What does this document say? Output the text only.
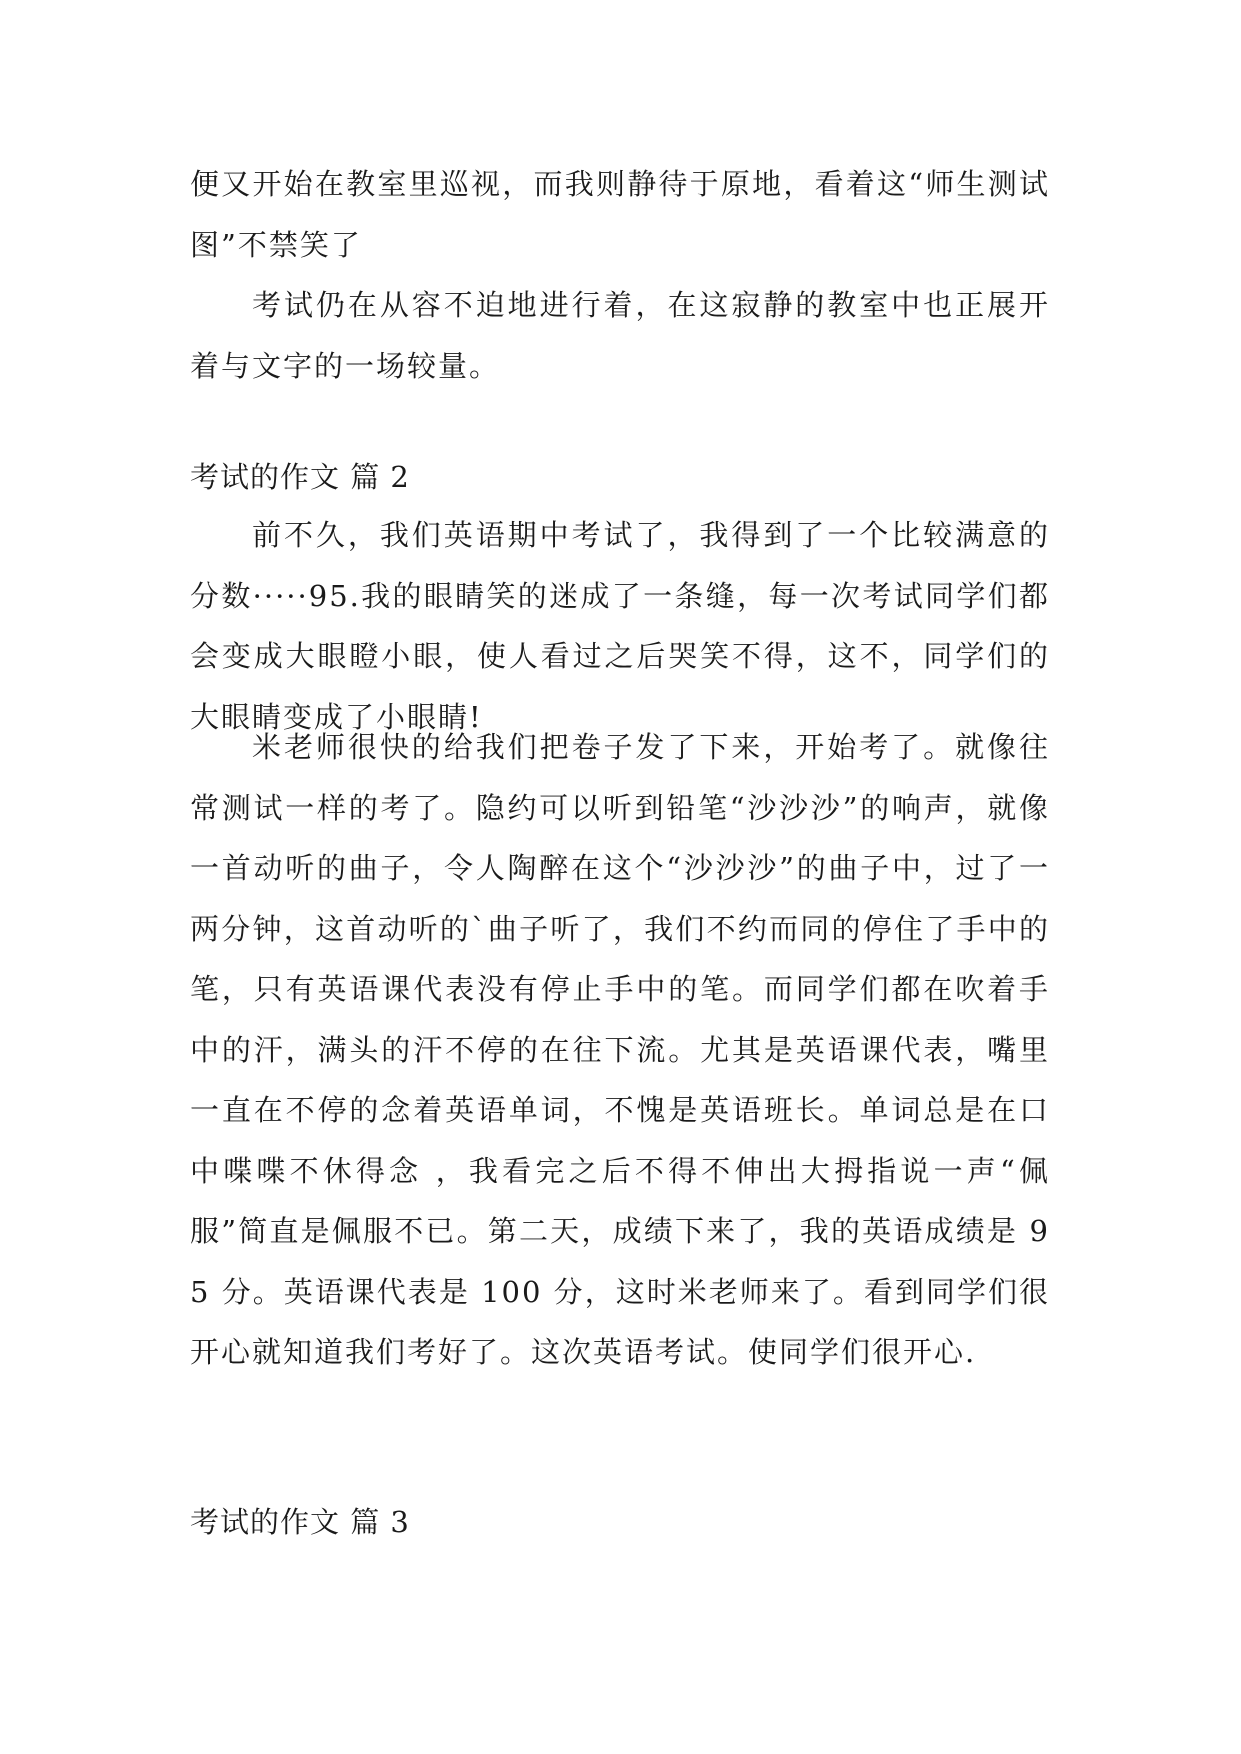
便又开始在教室里巡视，而我则静待于原地，看着这“师生测试图”不禁笑了
考试仍在从容不迫地进行着，在这寂静的教室中也正展开着与文字的一场较量。
考试的作文 篇 2
前不久，我们英语期中考试了，我得到了一个比较满意的分数·····95.我的眼睛笑的迷成了一条缝，每一次考试同学们都会变成大眼瞪小眼，使人看过之后哭笑不得，这不，同学们的大眼睛变成了小眼睛!
米老师很快的给我们把卷子发了下来，开始考了。就像往常测试一样的考了。隐约可以听到铅笔“沙沙沙”的响声，就像一首动听的曲子，令人陶醉在这个“沙沙沙”的曲子中，过了一两分钟，这首动听的`曲子听了，我们不约而同的停住了手中的笔，只有英语课代表没有停止手中的笔。而同学们都在吹着手中的汗，满头的汗不停的在往下流。尤其是英语课代表，嘴里一直在不停的念着英语单词，不愧是英语班长。单词总是在口中喋喋不休得念 ，我看完之后不得不伸出大拇指说一声“佩服”简直是佩服不已。第二天，成绩下来了，我的英语成绩是 95 分。英语课代表是 100 分，这时米老师来了。看到同学们很开心就知道我们考好了。这次英语考试。使同学们很开心.
考试的作文 篇 3
